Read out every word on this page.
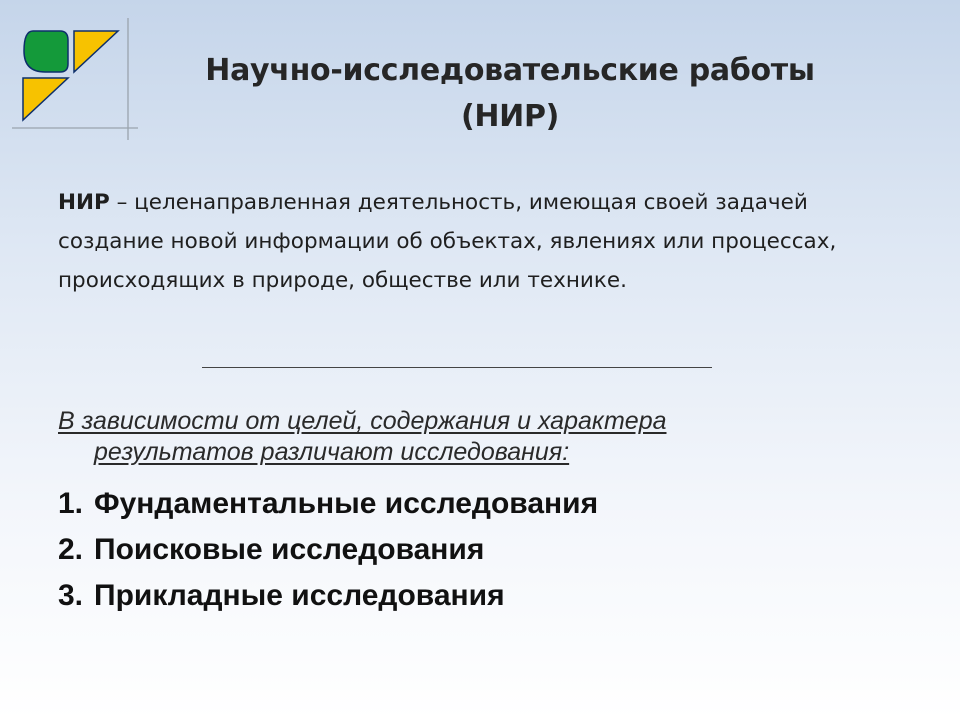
Научно-исследовательские работы
(НИР)
НИР – целенаправленная деятельность, имеющая своей задачей создание новой информации об объектах, явлениях или процессах, происходящих в природе, обществе или технике.
В зависимости от целей, содержания и характера
результатов различают исследования:
1. Фундаментальные исследования
2. Поисковые исследования
3. Прикладные исследования
